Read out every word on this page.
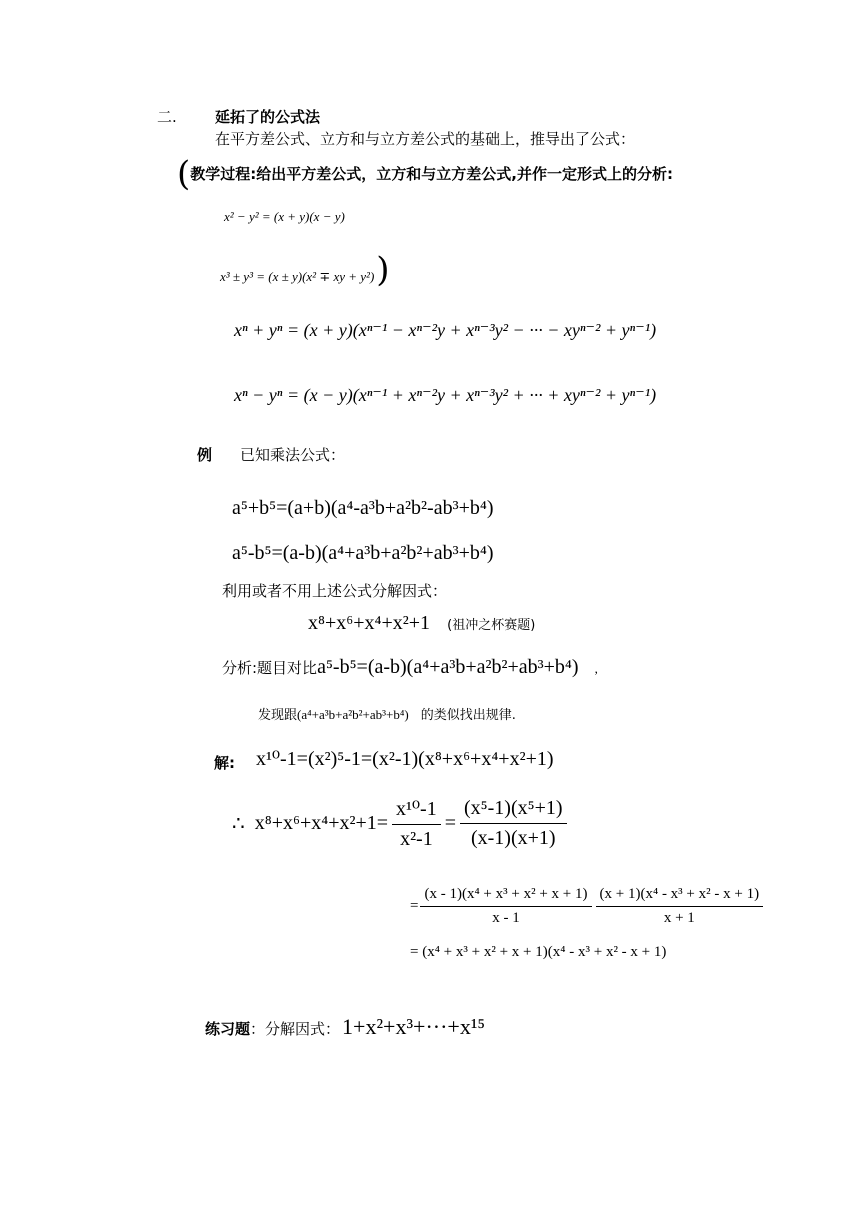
二.	延拓了的公式法
在平方差公式、立方和与立方差公式的基础上，推导出了公式：
(教学过程:给出平方差公式，立方和与立方差公式,并作一定形式上的分析:
x² − y² = (x + y)(x − y)
x³ ± y³ = (x ± y)(x² ∓ xy + y²))
xⁿ + yⁿ = (x + y)(xⁿ⁻¹ − xⁿ⁻²y + xⁿ⁻³y² − ··· − xyⁿ⁻² + yⁿ⁻¹)
xⁿ − yⁿ = (x − y)(xⁿ⁻¹ + xⁿ⁻²y + xⁿ⁻³y² + ··· + xyⁿ⁻² + yⁿ⁻¹)
例 已知乘法公式：
a⁵+b⁵=(a+b)(a⁴-a³b+a²b²-ab³+b⁴)
a⁵-b⁵=(a-b)(a⁴+a³b+a²b²+ab³+b⁴)
利用或者不用上述公式分解因式：
x⁸+x⁶+x⁴+x²+1 (祖冲之杯赛题)
分析:题目对比a⁵-b⁵=(a-b)(a⁴+a³b+a²b²+ab³+b⁴) ,
发现跟(a⁴+a³b+a²b²+ab³+b⁴) 的类似找出规律.
解: x¹⁰-1=(x²)⁵-1=(x²-1)(x⁸+x⁶+x⁴+x²+1)
∴ $x^8+x^6+x^4+x^2+1= \frac{\text{x¹⁰-1}}{\text{x²-1}} = \frac{\text{(x⁵-1)(x⁵+1)}}{(x-1)(x+1)}$
= $\frac{\text{(x - 1)(x⁴ + x³ + x² + x + 1)}}{x - 1} \frac{\text{(x + 1)(x⁴ - x³ + x² - x + 1)}}{x + 1}$
= (x⁴ + x³ + x² + x + 1)(x⁴ - x³ + x² - x + 1)
练习题 ：分解因式： 1+x²+x³+···+x¹⁵
